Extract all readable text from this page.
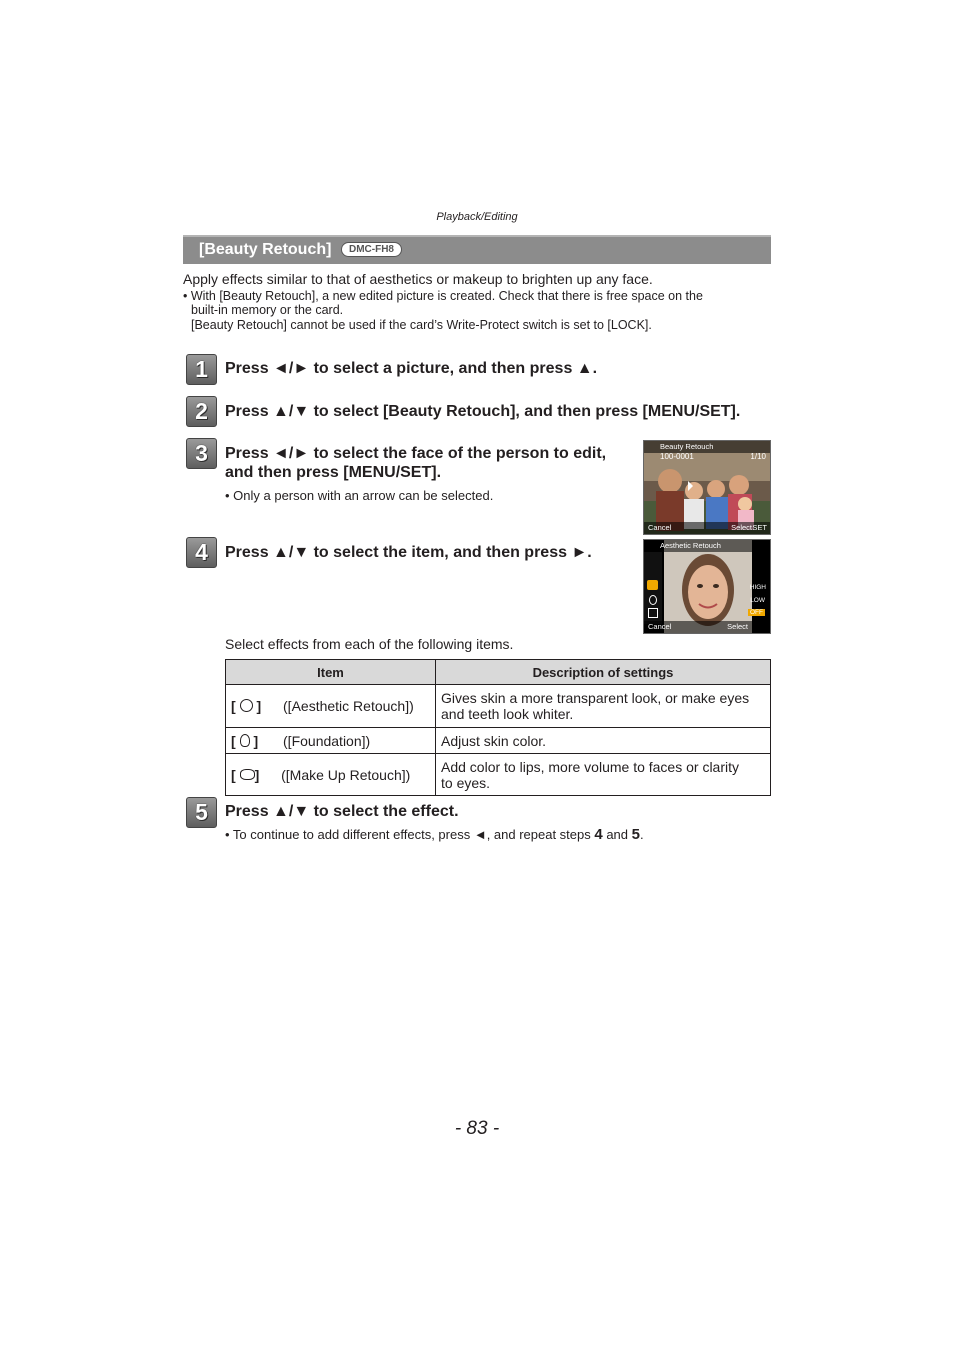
Playback/Editing
[Beauty Retouch]	DMC-FH8
Apply effects similar to that of aesthetics or makeup to brighten up any face.
• With [Beauty Retouch], a new edited picture is created. Check that there is free space on the
built-in memory or the card.
[Beauty Retouch] cannot be used if the card’s Write-Protect switch is set to [LOCK].
1	Press ◄/► to select a picture, and then press ▲.
2	Press ▲/▼ to select [Beauty Retouch], and then press [MENU/SET].
3	Press ◄/► to select the face of the person to edit,
and then press [MENU/SET].
• Only a person with an arrow can be selected.
Beauty Retouch
100-0001	1/10
Cancel	Select SET
4	Press ▲/▼ to select the item, and then press ►.	Aesthetic Retouch
HIGH
LOW
OFF
Cancel	Select
Select effects from each of the following items.
Item	Description of settings
[ ] ([Aesthetic Retouch])	Gives skin a more transparent look, or make eyes
and teeth look whiter.

[ ] ([Foundation])	Adjust skin color.

[ ] ([Make Up Retouch])	Add color to lips, more volume to faces or clarity
to eyes.
5	Press ▲/▼ to select the effect.
• To continue to add different effects, press ◄, and repeat steps 4 and 5.
- 83 -
